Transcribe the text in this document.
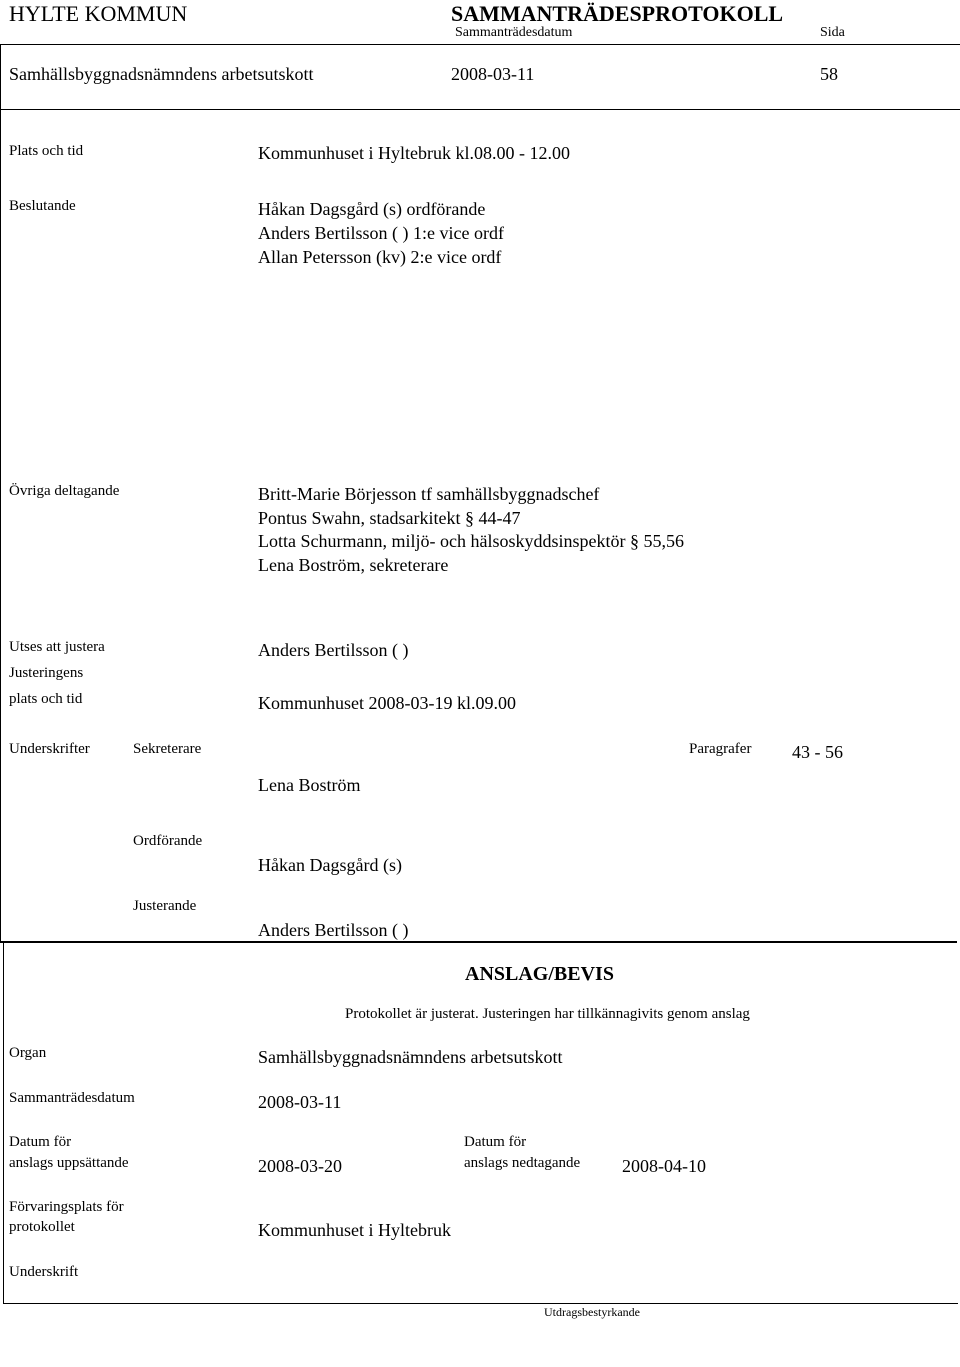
HYLTE KOMMUN	SAMMANTRÄDESPROTOKOLL
Sammanträdesdatum	Sida
Samhällsbyggnadsnämndens arbetsutskott	2008-03-11	58
Plats och tid	Kommunhuset i Hyltebruk kl.08.00 - 12.00
Beslutande	Håkan Dagsgård (s) ordförande
Anders Bertilsson ( ) 1:e vice ordf
Allan Petersson (kv) 2:e vice ordf
Övriga deltagande	Britt-Marie Börjesson tf samhällsbyggnadschef
Pontus Swahn, stadsarkitekt § 44-47
Lotta Schurmann, miljö- och hälsoskyddsinspektör § 55,56
Lena Boström, sekreterare
Utses att justera	Anders Bertilsson ( )
Justeringens
plats och tid	Kommunhuset 2008-03-19 kl.09.00
Underskrifter	Sekreterare	Paragrafer 43 - 56
Lena Boström
Ordförande
Håkan Dagsgård (s)
Justerande
Anders Bertilsson ( )
ANSLAG/BEVIS
Protokollet är justerat. Justeringen har tillkännagivits genom anslag
Organ	Samhällsbyggnadsnämndens arbetsutskott
Sammanträdesdatum	2008-03-11
Datum för
anslags uppsättande	2008-03-20
Datum för
anslags nedtagande 2008-04-10
Förvaringsplats för
protokollet	Kommunhuset i Hyltebruk
Underskrift
Utdragsbestyrkande
